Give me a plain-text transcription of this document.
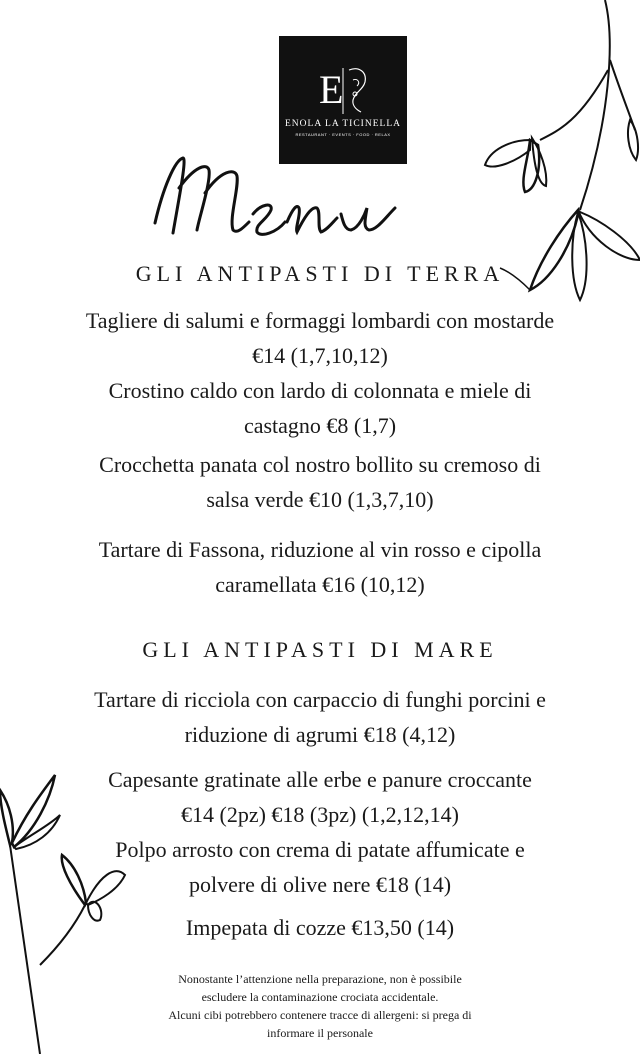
E
ENOLA LA TICINELLA
RESTAURANT · EVENTS · FOOD · RELAX
Menu
GLI ANTIPASTI DI TERRA
Tagliere di salumi e formaggi lombardi con mostarde
€14 (1,7,10,12)
Crostino caldo con lardo di colonnata e miele di
castagno €8 (1,7)
Crocchetta panata col nostro bollito su cremoso di
salsa verde €10 (1,3,7,10)
Tartare di Fassona, riduzione al vin rosso e cipolla
caramellata €16 (10,12)
GLI ANTIPASTI DI MARE
Tartare di ricciola con carpaccio di funghi porcini e
riduzione di agrumi €18 (4,12)
Capesante gratinate alle erbe e panure croccante
€14 (2pz) €18 (3pz) (1,2,12,14)
Polpo arrosto con crema di patate affumicate e
polvere di olive nere €18 (14)
Impepata di cozze €13,50 (14)
Nonostante l’attenzione nella preparazione, non è possibile
escludere la contaminazione crociata accidentale.
Alcuni cibi potrebbero contenere tracce di allergeni: si prega di
informare il personale
